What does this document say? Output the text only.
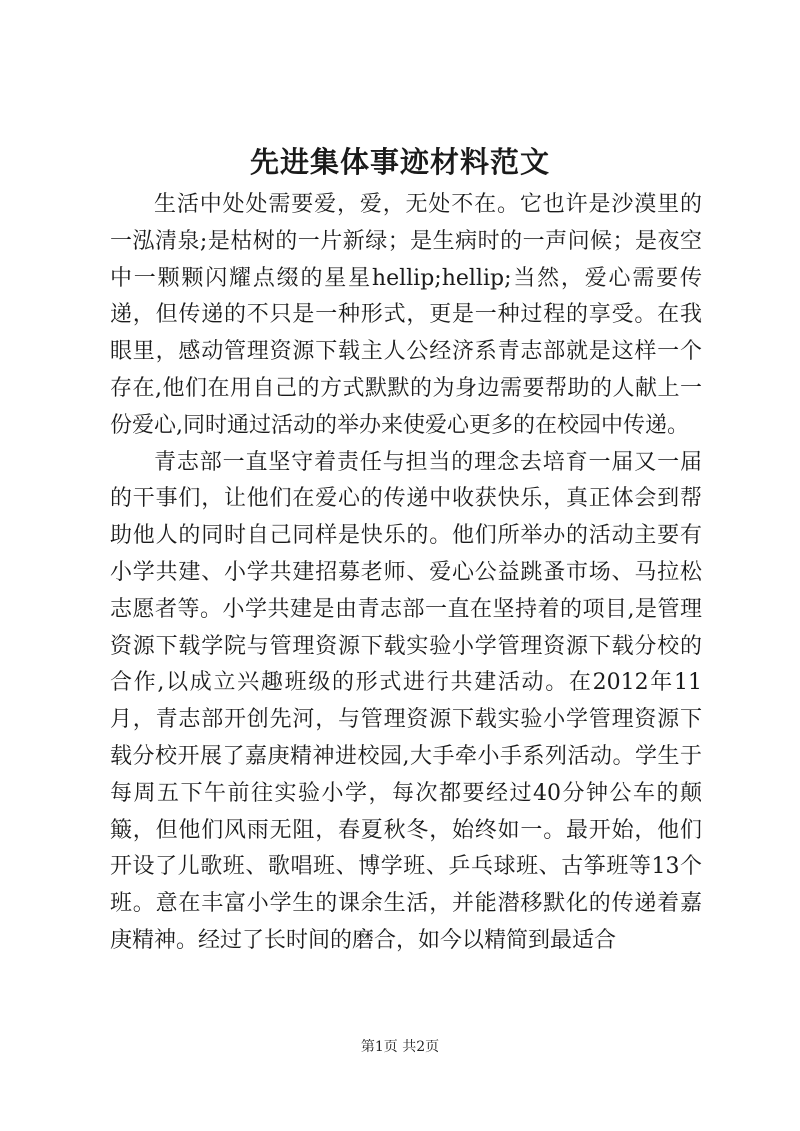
先进集体事迹材料范文

生活中处处需要爱，爱，无处不在。它也许是沙漠里的一泓清泉;是枯树的一片新绿；是生病时的一声问候；是夜空中一颗颗闪耀点缀的星星hellip;hellip;当然，爱心需要传递，但传递的不只是一种形式，更是一种过程的享受。在我眼里，感动管理资源下载主人公经济系青志部就是这样一个存在,他们在用自己的方式默默的为身边需要帮助的人献上一份爱心,同时通过活动的举办来使爱心更多的在校园中传递。

青志部一直坚守着责任与担当的理念去培育一届又一届的干事们，让他们在爱心的传递中收获快乐，真正体会到帮助他人的同时自己同样是快乐的。他们所举办的活动主要有小学共建、小学共建招募老师、爱心公益跳蚤市场、马拉松志愿者等。小学共建是由青志部一直在坚持着的项目,是管理资源下载学院与管理资源下载实验小学管理资源下载分校的合作,以成立兴趣班级的形式进行共建活动。在2012年11月，青志部开创先河，与管理资源下载实验小学管理资源下载分校开展了嘉庚精神进校园,大手牵小手系列活动。学生于每周五下午前往实验小学，每次都要经过40分钟公车的颠簸，但他们风雨无阻，春夏秋冬，始终如一。最开始，他们开设了儿歌班、歌唱班、博学班、乒乓球班、古筝班等13个班。意在丰富小学生的课余生活，并能潜移默化的传递着嘉庚精神。经过了长时间的磨合，如今以精简到最适合

第1页 共2页
